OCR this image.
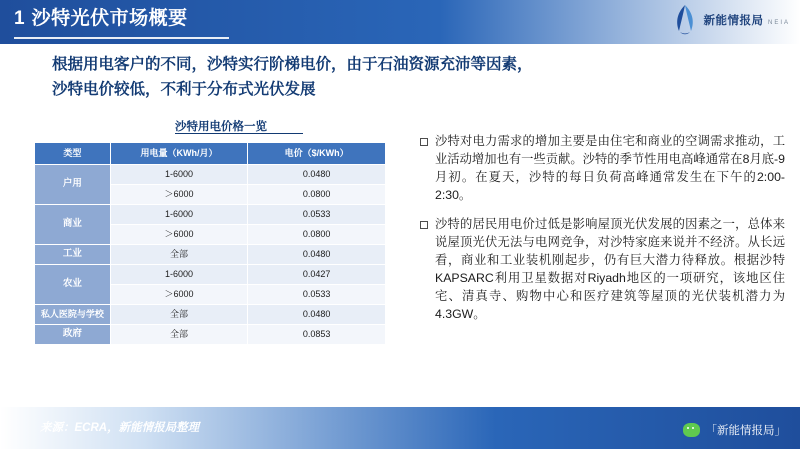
1 沙特光伏市场概要	新能情报局 NEIA
根据用电客户的不同，沙特实行阶梯电价，由于石油资源充沛等因素，
沙特电价较低，不利于分布式光伏发展
沙特用电价格一览
类型	用电量（KWh/月）	电价（$/KWh）
户用	1-6000	0.0480
	＞6000	0.0800
商业	1-6000	0.0533
	＞6000	0.0800
工业	全部	0.0480
农业	1-6000	0.0427
	＞6000	0.0533
私人医院与学校	全部	0.0480
政府	全部	0.0853
沙特对电力需求的增加主要是由住宅和商业的空调需求推动，工业活动增加也有一些贡献。沙特的季节性用电高峰通常在8月底-9月初。在夏天，沙特的每日负荷高峰通常发生在下午的2:00-2:30。
沙特的居民用电价过低是影响屋顶光伏发展的因素之一，总体来说屋顶光伏无法与电网竞争，对沙特家庭来说并不经济。从长远看，商业和工业装机刚起步，仍有巨大潜力待释放。根据沙特KAPSARC利用卫星数据对Riyadh地区的一项研究，该地区住宅、清真寺、购物中心和医疗建筑等屋顶的光伏装机潜力为4.3GW。
来源：ECRA，新能情报局整理	「新能情报局」
